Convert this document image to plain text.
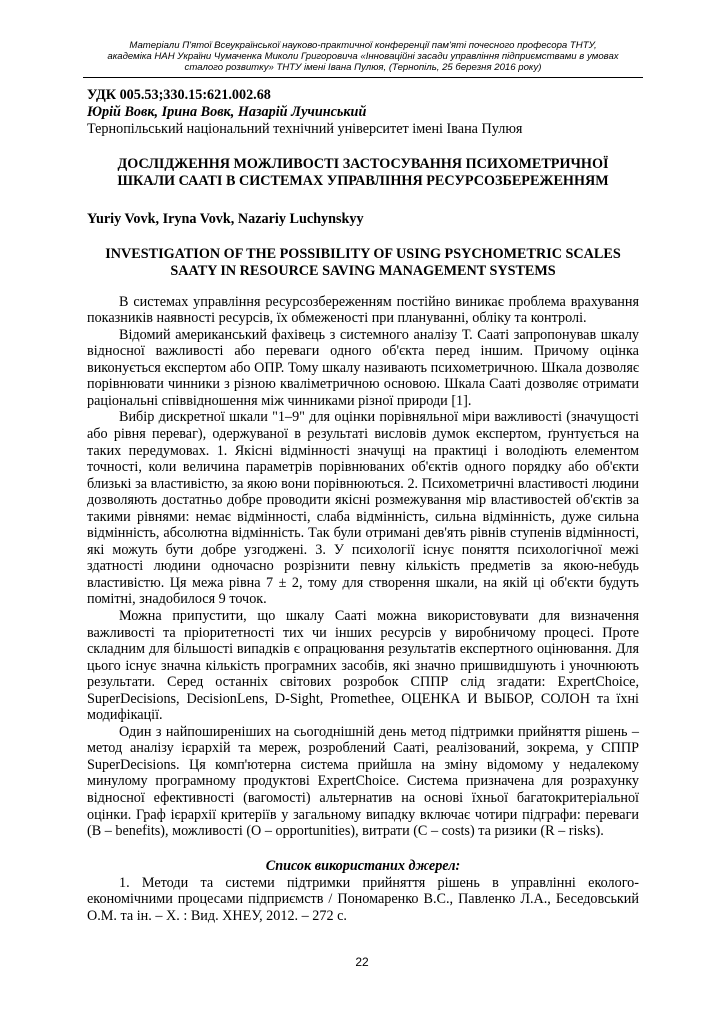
Матеріали П'ятої Всеукраїнської науково-практичної конференції пам'яті почесного професора ТНТУ,
академіка НАН України Чумаченка Миколи Григоровича «Інноваційні засади управління підприємствами в умовах
сталого розвитку» ТНТУ імені Івана Пулюя, (Тернопіль, 25 березня 2016 року)
УДК 005.53;330.15:621.002.68
Юрій Вовк, Ірина Вовк, Назарій Лучинський
Тернопільський національний технічний університет імені Івана Пулюя
ДОСЛІДЖЕННЯ МОЖЛИВОСТІ ЗАСТОСУВАННЯ ПСИХОМЕТРИЧНОЇ ШКАЛИ СААТІ В СИСТЕМАХ УПРАВЛІННЯ РЕСУРСОЗБЕРЕЖЕННЯМ
Yuriy Vovk, Iryna Vovk, Nazariy Luchynskyy
INVESTIGATION OF THE POSSIBILITY OF USING PSYCHOMETRIC SCALES SAATY IN RESOURCE SAVING MANAGEMENT SYSTEMS

В системах управління ресурсозбереженням постійно виникає проблема врахування показників наявності ресурсів, їх обмеженості при плануванні, обліку та контролі.

Відомий американський фахівець з системного аналізу Т. Сааті запропонував шкалу відносної важливості або переваги одного об'єкта перед іншим. Причому оцінка виконується експертом або ОПР. Тому шкалу називають психометричною. Шкала дозволяє порівнювати чинники з різною кваліметричною основою. Шкала Сааті дозволяє отримати раціональні співвідношення між чинниками різної природи [1].

Вибір дискретної шкали "1–9" для оцінки порівняльної міри важливості (значущості або рівня переваг), одержуваної в результаті висловів думок експертом, ґрунтується на таких передумовах. 1. Якісні відмінності значущі на практиці і володіють елементом точності, коли величина параметрів порівнюваних об'єктів одного порядку або об'єкти близькі за властивістю, за якою вони порівнюються. 2. Психометричні властивості людини дозволяють достатньо добре проводити якісні розмежування мір властивостей об'єктів за такими рівнями: немає відмінності, слаба відмінність, сильна відмінність, дуже сильна відмінність, абсолютна відмінність. Так були отримані дев'ять рівнів ступенів відмінності, які можуть бути добре узгоджені. 3. У психології існує поняття психологічної межі здатності людини одночасно розрізнити певну кількість предметів за якою-небудь властивістю. Ця межа рівна 7 ± 2, тому для створення шкали, на якій ці об'єкти будуть помітні, знадобилося 9 точок.

Можна припустити, що шкалу Сааті можна використовувати для визначення важливості та пріоритетності тих чи інших ресурсів у виробничому процесі. Проте складним для більшості випадків є опрацювання результатів експертного оцінювання. Для цього існує значна кількість програмних засобів, які значно пришвидшують і уночнюють результати. Серед останніх світових розробок СППР слід згадати: ExpertChoice, SuperDecisions, DecisionLens, D-Sight, Promethee, ОЦЕНКА И ВЫБОР, СОЛОН та їхні модифікації.

Один з найпоширеніших на сьогоднішній день метод підтримки прийняття рішень – метод аналізу ієрархій та мереж, розроблений Сааті, реалізований, зокрема, у СППР SuperDecisions. Ця комп'ютерна система прийшла на зміну відомому у недалекому минулому програмному продуктові ExpertChoice. Система призначена для розрахунку відносної ефективності (вагомості) альтернатив на основі їхньої багатокритеріальної оцінки. Граф ієрархії критеріїв у загальному випадку включає чотири підграфи: переваги (B – benefits), можливості (O – opportunities), витрати (C – costs) та ризики (R – risks).

Список використаних джерел:

1. Методи та системи підтримки прийняття рішень в управлінні еколого-економічними процесами підприємств / Пономаренко В.С., Павленко Л.А., Беседовський О.М. та ін. – Х. : Вид. ХНЕУ, 2012. – 272 с.

22
